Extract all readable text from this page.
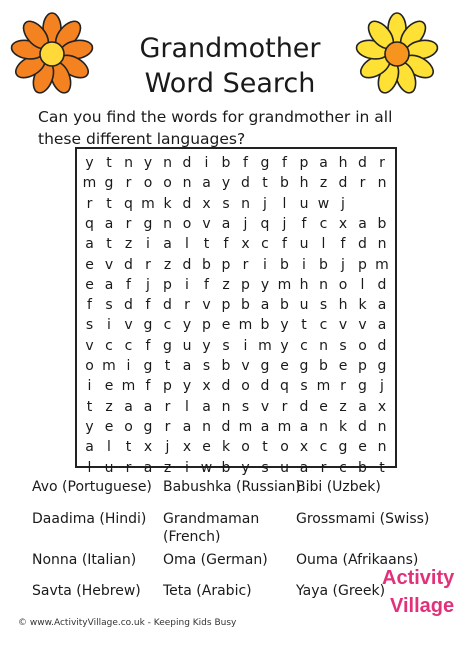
Grandmother
Word Search
Can you find the words for grandmother in all these different languages?
y t n y n d i b f g f p a h d r
m g r o o n a y d t b h z d r n
r t q m k d x s n j	l u w j
q a r g n o v a j q j	f c x a b
a t z i a l	t	f x c f u l	f d n
e v d r z d b p r	i b i b j p m
e a f	j p i	f z p y m h n o l d
f s d f d r v p b a b u s h k a
s i v g c y p e m b y t c v v a
v c c f g u y s i m y c n s o d
o m i g t a s b v g e g b e p g
i e m f p y x d o d q s m r g j
t z a a r	l a n s v r d e z a x
y e o g r a n d m a m a n k d n
a l	t x j x e k o t o x c g e n
l u r a z i w b y s u a r c b t
Avo (Portuguese) Babushka (Russian)
Bibi (Uzbek)
Daadima (Hindi) Grandmaman (French)
Grossmami (Swiss)
Nonna (Italian) Oma (German) Ouma (Afrikaans)
Savta (Hebrew) Teta (Arabic)	Yaya (Greek)
© www.ActivityVillage.co.uk - Keeping Kids Busy
Activity
Village
